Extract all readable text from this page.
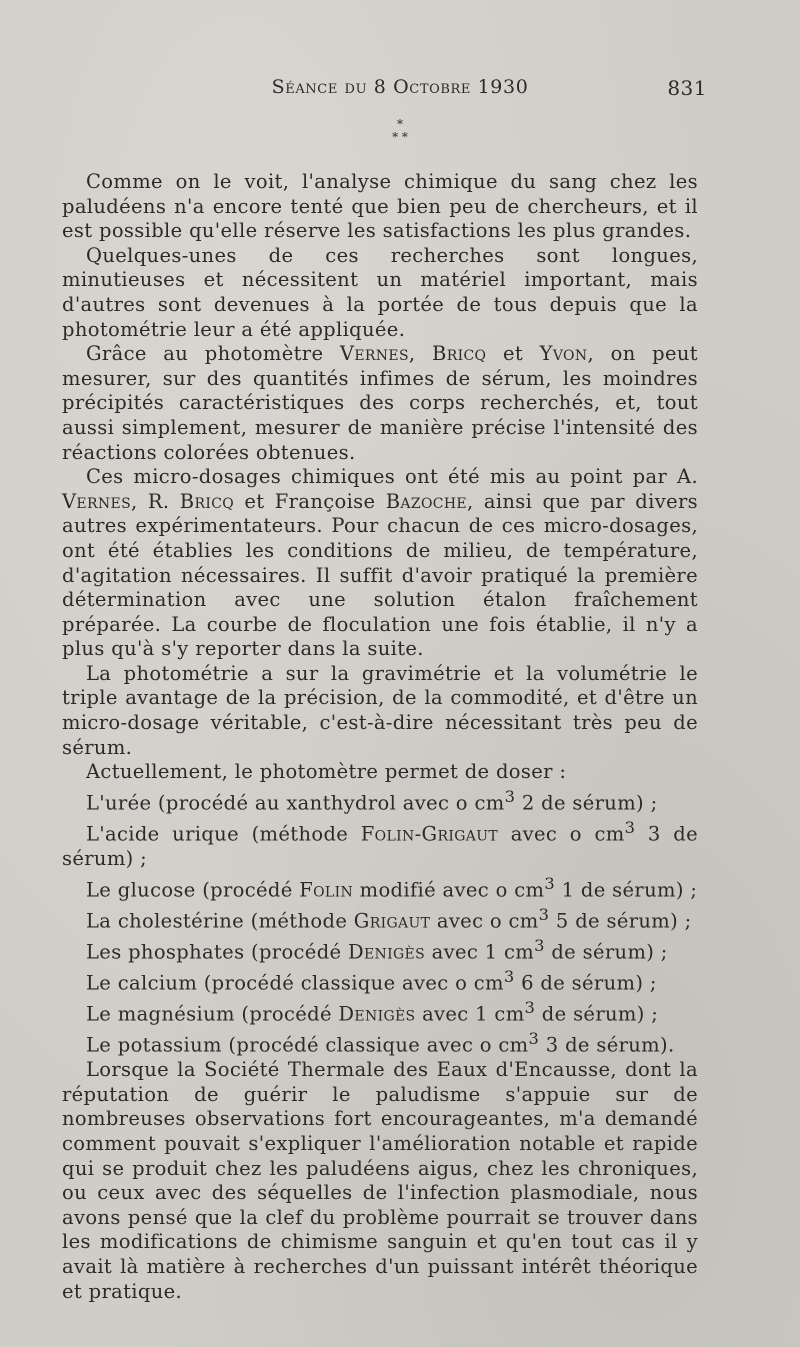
Séance du 8 Octobre 1930	831
*
* *

Comme on le voit, l'analyse chimique du sang chez les paludéens n'a encore tenté que bien peu de chercheurs, et il est possible qu'elle réserve les satisfactions les plus grandes.

Quelques-unes de ces recherches sont longues, minutieuses et nécessitent un matériel important, mais d'autres sont devenues à la portée de tous depuis que la photométrie leur a été appliquée.

Grâce au photomètre Vernes, Bricq et Yvon, on peut mesurer, sur des quantités infimes de sérum, les moindres précipités caractéristiques des corps recherchés, et, tout aussi simplement, mesurer de manière précise l'intensité des réactions colorées obtenues.

Ces micro-dosages chimiques ont été mis au point par A. Vernes, R. Bricq et Françoise Bazoche, ainsi que par divers autres expérimentateurs. Pour chacun de ces micro-dosages, ont été établies les conditions de milieu, de température, d'agitation nécessaires. Il suffit d'avoir pratiqué la première détermination avec une solution étalon fraîchement préparée. La courbe de floculation une fois établie, il n'y a plus qu'à s'y reporter dans la suite.

La photométrie a sur la gravimétrie et la volumétrie le triple avantage de la précision, de la commodité, et d'être un micro-dosage véritable, c'est-à-dire nécessitant très peu de sérum.

Actuellement, le photomètre permet de doser :

L'urée (procédé au xanthydrol avec o $cm^3$ 2 de sérum) ;

L'acide urique (méthode Folin-Grigaut avec o $cm^3$ 3 de sérum) ;

Le glucose (procédé Folin modifié avec o $cm^3$ 1 de sérum) ;

La cholestérine (méthode Grigaut avec o $cm^3$ 5 de sérum) ;

Les phosphates (procédé Denigès avec 1 $cm^3$ de sérum) ;

Le calcium (procédé classique avec o $cm^3$ 6 de sérum) ;

Le magnésium (procédé Denigès avec 1 $cm^3$ de sérum) ;

Le potassium (procédé classique avec o $cm^3$ 3 de sérum).

Lorsque la Société Thermale des Eaux d'Encausse, dont la réputation de guérir le paludisme s'appuie sur de nombreuses observations fort encourageantes, m'a demandé comment pouvait s'expliquer l'amélioration notable et rapide qui se produit chez les paludéens aigus, chez les chroniques, ou ceux avec des séquelles de l'infection plasmodiale, nous avons pensé que la clef du problème pourrait se trouver dans les modifications de chimisme sanguin et qu'en tout cas il y avait là matière à recherches d'un puissant intérêt théorique et pratique.
